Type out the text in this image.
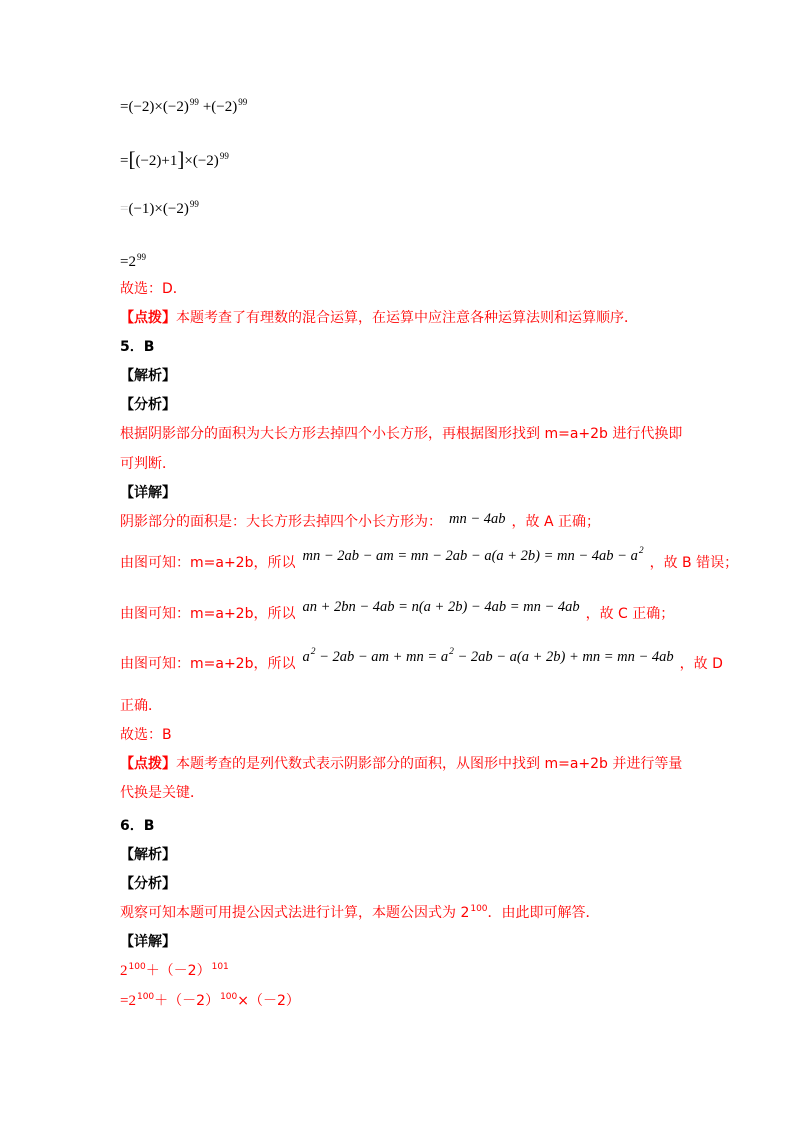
$=(-2)\times(-2)^{99} +(-2)^{99}$
$=[(-2)+1]\times(-2)^{99}$
$=(-1)\times(-2)^{99}$
$=2^{99}$
故选：D．
【点拨】本题考查了有理数的混合运算，在运算中应注意各种运算法则和运算顺序．
5．B
【解析】
【分析】
根据阴影部分的面积为大长方形去掉四个小长方形，再根据图形找到 m=a+2b 进行代换即
可判断．
【详解】
阴影部分的面积是：大长方形去掉四个小长方形为： mn − 4ab ，故 A 正确；
由图可知：m=a+2b，所以 mn − 2ab − am = mn − 2ab − a(a + 2b) = mn − $4ab - a^2$，故 B 错误；
由图可知：m=a+2b，所以 an + 2bn − 4ab = n(a + 2b) − 4ab = mn − 4ab ，故 C 正确；
由图可知：m=a+2b，所以 $a^2 - 2ab$ − am + mn = $a^2 - 2ab - a(a + 2b)$ + mn = mn − 4ab ，故 D
正确．
故选：B
【点拨】本题考查的是列代数式表示阴影部分的面积，从图形中找到 m=a+2b 并进行等量
代换是关键．
6．B
【解析】
【分析】
观察可知本题可用提公因式法进行计算，本题公因式为 $2^{100}$．由此即可解答．
【详解】
$2^{100}+(-2)^{101}$
$=2^{100}+(-2)^{100}\times(-2)$
